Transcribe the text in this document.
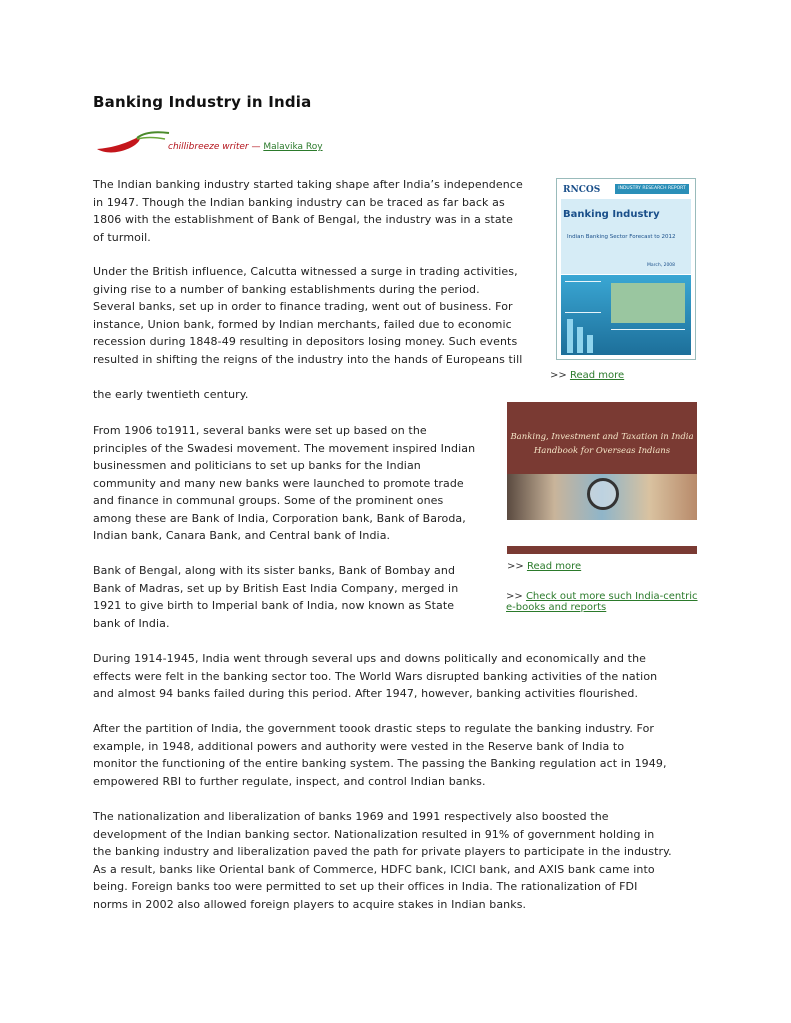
Banking Industry in India
chillibreeze writer — Malavika Roy
The Indian banking industry started taking shape after India’s independence
in 1947. Though the Indian banking industry can be traced as far back as
1806 with the establishment of Bank of Bengal, the industry was in a state
of turmoil.
Under the British influence, Calcutta witnessed a surge in trading activities,
giving rise to a number of banking establishments during the period.
Several banks, set up in order to finance trading, went out of business. For
instance, Union bank, formed by Indian merchants, failed due to economic
recession during 1848-49 resulting in depositors losing money. Such events
resulted in shifting the reigns of the industry into the hands of Europeans till
the early twentieth century.
RNCOS	INDUSTRY RESEARCH REPORT
Banking Industry
Indian Banking Sector Forecast to 2012
March, 2008
>> Read more
From 1906 to1911, several banks were set up based on the
principles of the Swadesi movement. The movement inspired Indian
businessmen and politicians to set up banks for the Indian
community and many new banks were launched to promote trade
and finance in communal groups. Some of the prominent ones
among these are Bank of India, Corporation bank, Bank of Baroda,
Indian bank, Canara Bank, and Central bank of India.
Banking, Investment and Taxation in India
Handbook for Overseas Indians
>> Read more
>> Check out more such India-centric
e-books and reports
Bank of Bengal, along with its sister banks, Bank of Bombay and
Bank of Madras, set up by British East India Company, merged in
1921 to give birth to Imperial bank of India, now known as State
bank of India.
During 1914-1945, India went through several ups and downs politically and economically and the
effects were felt in the banking sector too. The World Wars disrupted banking activities of the nation
and almost 94 banks failed during this period. After 1947, however, banking activities flourished.
After the partition of India, the government toook drastic steps to regulate the banking industry. For
example, in 1948, additional powers and authority were vested in the Reserve bank of India to
monitor the functioning of the entire banking system. The passing the Banking regulation act in 1949,
empowered RBI to further regulate, inspect, and control Indian banks.
The nationalization and liberalization of banks 1969 and 1991 respectively also boosted the
development of the Indian banking sector. Nationalization resulted in 91% of government holding in
the banking industry and liberalization paved the path for private players to participate in the industry.
As a result, banks like Oriental bank of Commerce, HDFC bank, ICICI bank, and AXIS bank came into
being. Foreign banks too were permitted to set up their offices in India. The rationalization of FDI
norms in 2002 also allowed foreign players to acquire stakes in Indian banks.
